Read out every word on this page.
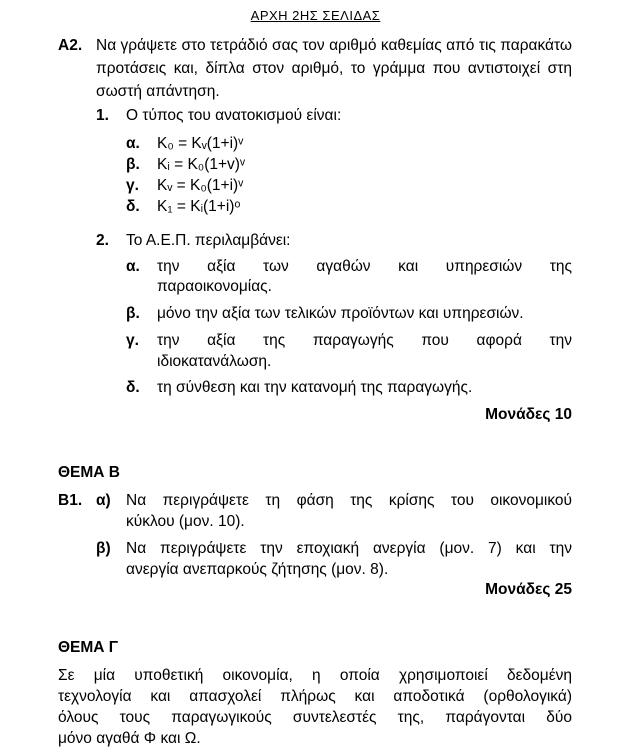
ΑΡΧΗ 2ΗΣ ΣΕΛΙΔΑΣ
Α2. Να γράψετε στο τετράδιό σας τον αριθμό καθεμίας από τις παρακάτω προτάσεις και, δίπλα στον αριθμό, το γράμμα που αντιστοιχεί στη σωστή απάντηση.
1. Ο τύπος του ανατοκισμού είναι:
α. K₀ = Kᵥ(1+i)ᵛ
β. Kᵢ = K₀(1+v)ᵛ
γ. Kᵥ = K₀(1+i)ᵛ
δ. K₁ = Kᵢ(1+i)ᵒ
2. Το Α.Ε.Π. περιλαμβάνει:
α. την αξία των αγαθών και υπηρεσιών της
παραοικονομίας.
β. μόνο την αξία των τελικών προϊόντων και υπηρεσιών.
γ. την αξία της παραγωγής που αφορά την
ιδιοκατανάλωση.
δ. τη σύνθεση και την κατανομή της παραγωγής.
Μονάδες 10
ΘΕΜΑ Β
Β1. α) Να περιγράψετε τη φάση της κρίσης του οικονομικού
κύκλου (μον. 10).
β) Να περιγράψετε την εποχιακή ανεργία (μον. 7) και την
ανεργία ανεπαρκούς ζήτησης (μον. 8).
Μονάδες 25
ΘΕΜΑ Γ
Σε μία υποθετική οικονομία, η οποία χρησιμοποιεί δεδομένη
τεχνολογία και απασχολεί πλήρως και αποδοτικά (ορθολογικά)
όλους τους παραγωγικούς συντελεστές της, παράγονται δύο
μόνο αγαθά Φ και Ω.
